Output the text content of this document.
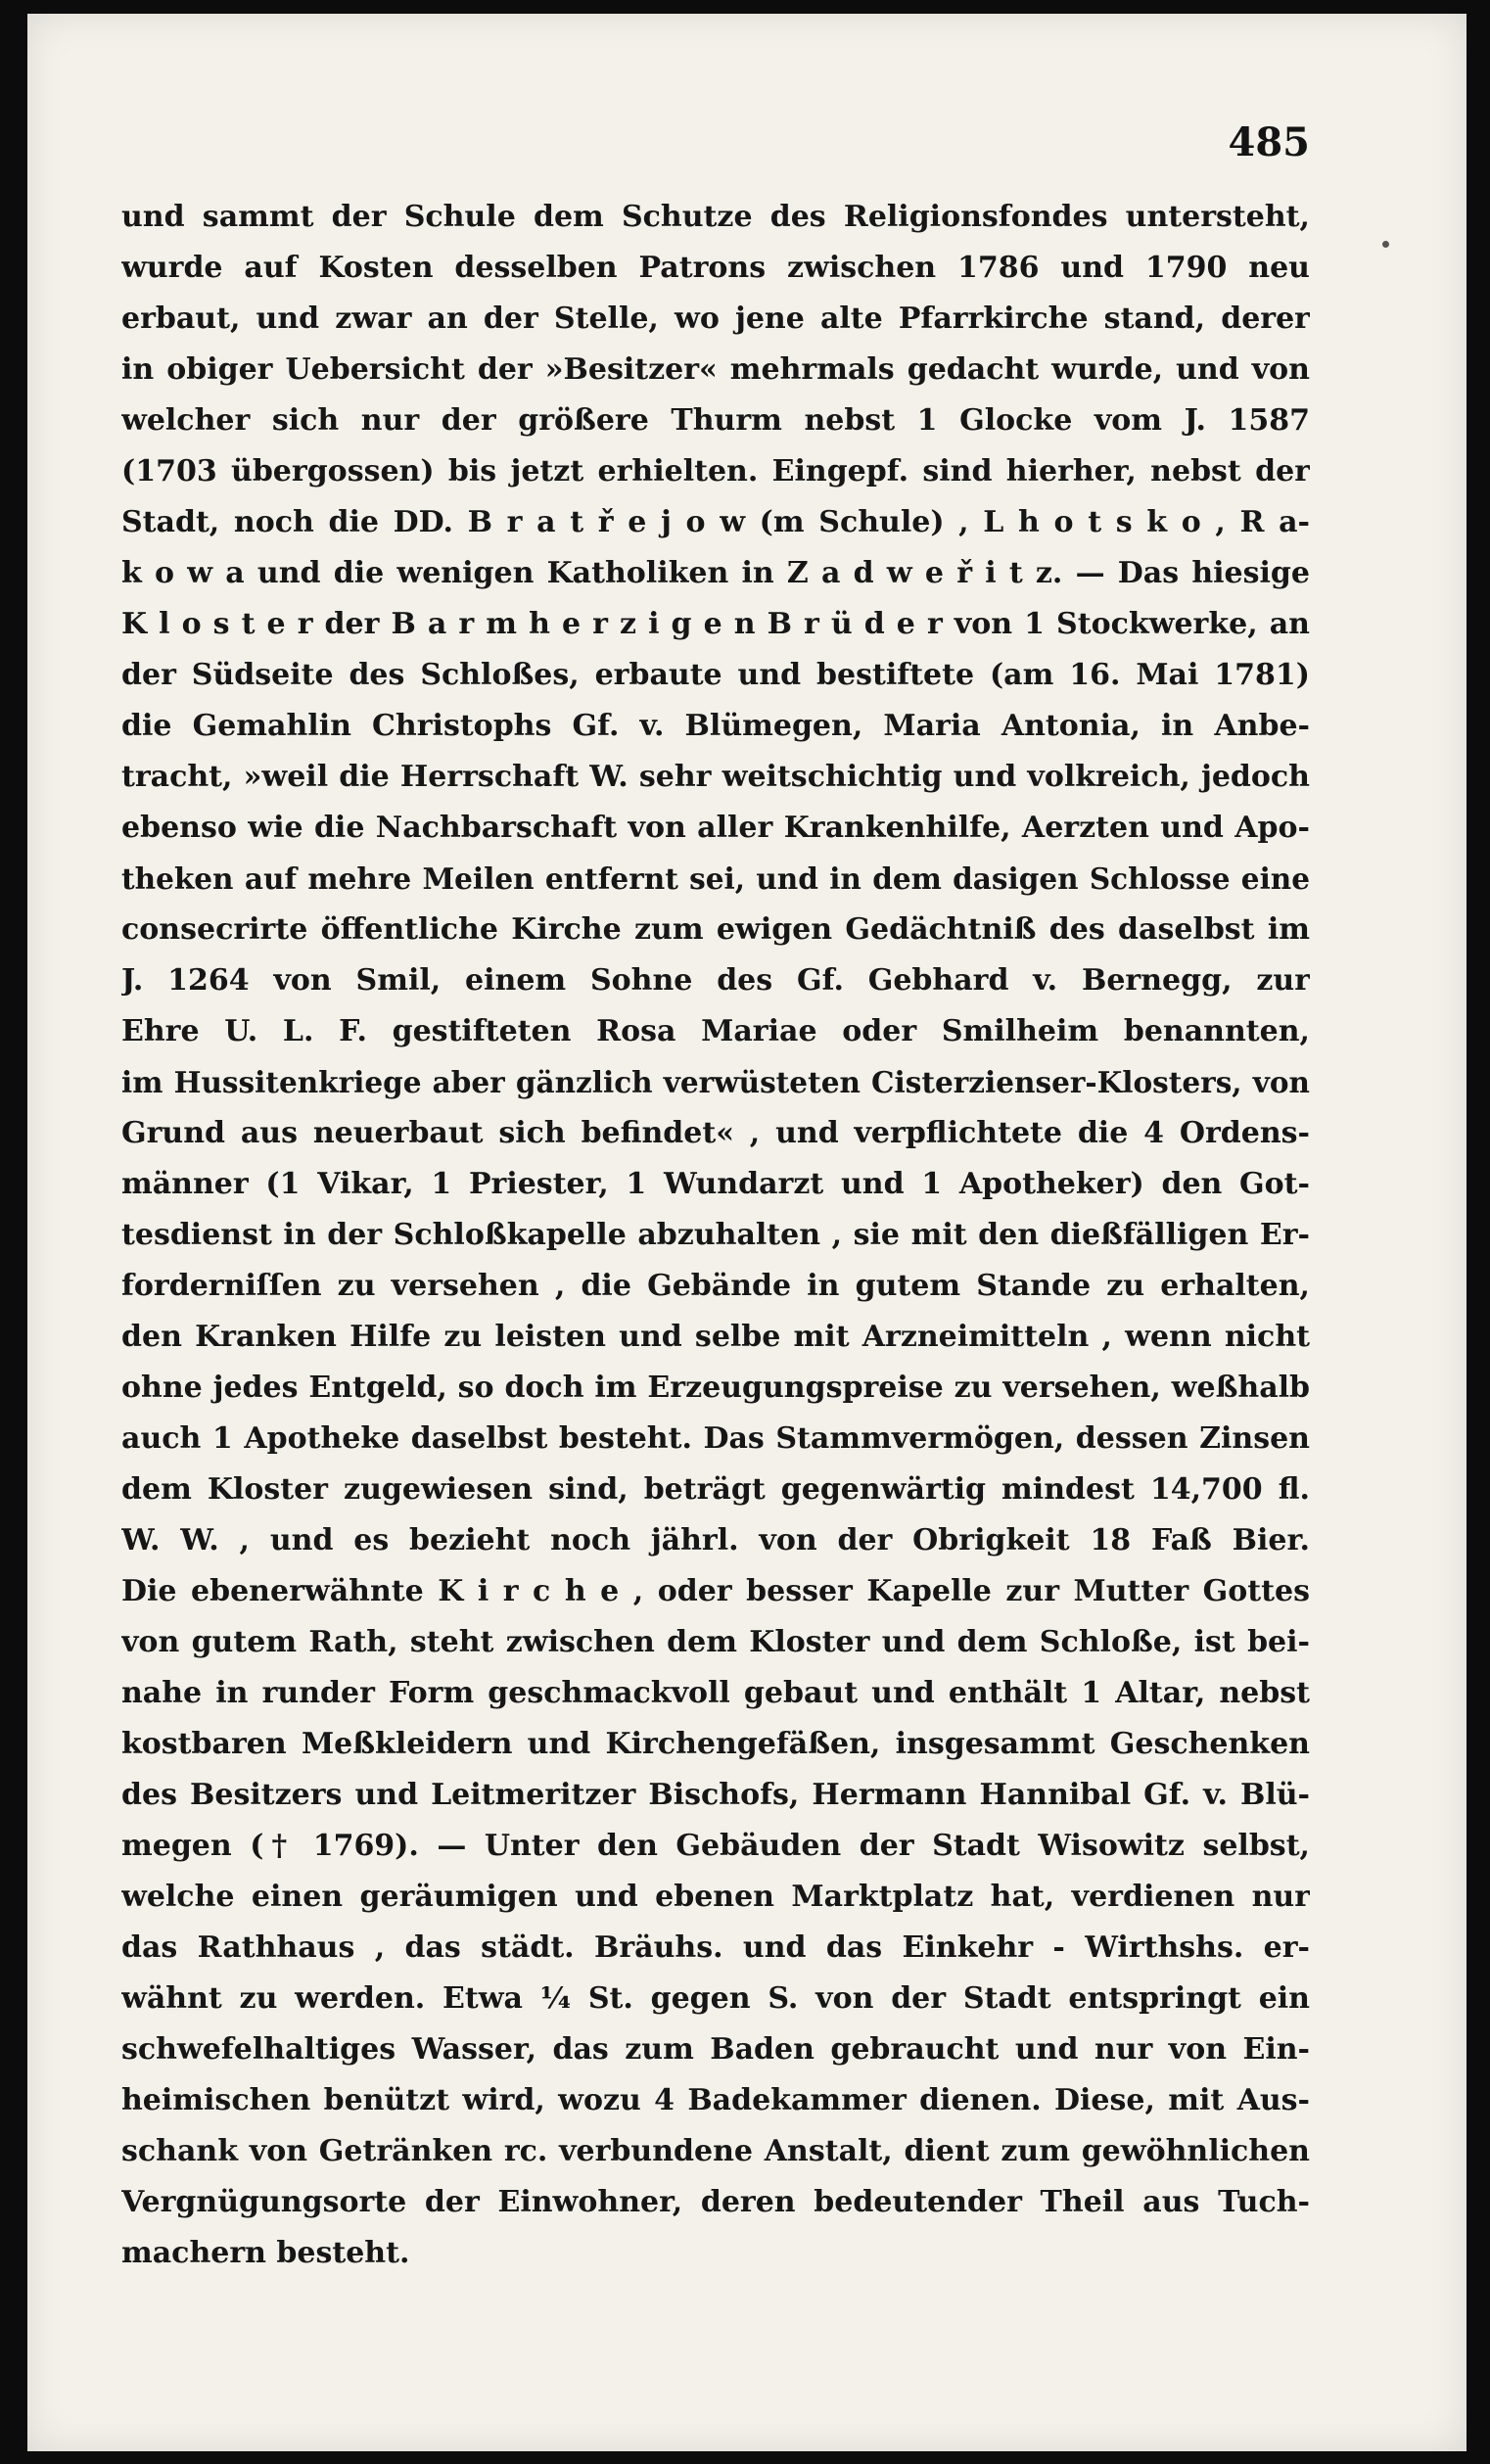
485
und sammt der Schule dem Schutze des Religionsfondes untersteht,
wurde auf Kosten desselben Patrons zwischen 1786 und 1790 neu
erbaut, und zwar an der Stelle, wo jene alte Pfarrkirche stand, derer
in obiger Uebersicht der »Besitzer« mehrmals gedacht wurde, und von
welcher sich nur der größere Thurm nebst 1 Glocke vom J. 1587
(1703 übergossen) bis jetzt erhielten. Eingepf. sind hierher, nebst der
Stadt, noch die DD. B r a t ř e j o w (m Schule) , L h o t s k o , R a-
k o w a und die wenigen Katholiken in Z a d w e ř i t z. — Das hiesige
K l o s t e r der B a r m h e r z i g e n B r ü d e r von 1 Stockwerke, an
der Südseite des Schloßes, erbaute und bestiftete (am 16. Mai 1781)
die Gemahlin Christophs Gf. v. Blümegen, Maria Antonia, in Anbe-
tracht, »weil die Herrschaft W. sehr weitschichtig und volkreich, jedoch
ebenso wie die Nachbarschaft von aller Krankenhilfe, Aerzten und Apo-
theken auf mehre Meilen entfernt sei, und in dem dasigen Schlosse eine
consecrirte öffentliche Kirche zum ewigen Gedächtniß des daselbst im
J. 1264 von Smil, einem Sohne des Gf. Gebhard v. Bernegg, zur
Ehre U. L. F. gestifteten Rosa Mariae oder Smilheim benannten,
im Hussitenkriege aber gänzlich verwüsteten Cisterzienser-Klosters, von
Grund aus neuerbaut sich befindet« , und verpflichtete die 4 Ordens-
männer (1 Vikar, 1 Priester, 1 Wundarzt und 1 Apotheker) den Got-
tesdienst in der Schloßkapelle abzuhalten , sie mit den dießfälligen Er-
forderniſſen zu versehen , die Gebände in gutem Stande zu erhalten,
den Kranken Hilfe zu leisten und selbe mit Arzneimitteln , wenn nicht
ohne jedes Entgeld, so doch im Erzeugungspreise zu versehen, weßhalb
auch 1 Apotheke daselbst besteht. Das Stammvermögen, dessen Zinsen
dem Kloster zugewiesen sind, beträgt gegenwärtig mindest 14,700 fl.
W. W. , und es bezieht noch jährl. von der Obrigkeit 18 Faß Bier.
Die ebenerwähnte K i r c h e , oder besser Kapelle zur Mutter Gottes
von gutem Rath, steht zwischen dem Kloster und dem Schloße, ist bei-
nahe in runder Form geschmackvoll gebaut und enthält 1 Altar, nebst
kostbaren Meßkleidern und Kirchengefäßen, insgesammt Geschenken
des Besitzers und Leitmeritzer Bischofs, Hermann Hannibal Gf. v. Blü-
megen († 1769). — Unter den Gebäuden der Stadt Wisowitz selbst,
welche einen geräumigen und ebenen Marktplatz hat, verdienen nur
das Rathhaus , das städt. Bräuhs. und das Einkehr - Wirthshs. er-
wähnt zu werden. Etwa ¼ St. gegen S. von der Stadt entspringt ein
schwefelhaltiges Wasser, das zum Baden gebraucht und nur von Ein-
heimischen benützt wird, wozu 4 Badekammer dienen. Diese, mit Aus-
schank von Getränken rc. verbundene Anstalt, dient zum gewöhnlichen
Vergnügungsorte der Einwohner, deren bedeutender Theil aus Tuch-
machern besteht.
